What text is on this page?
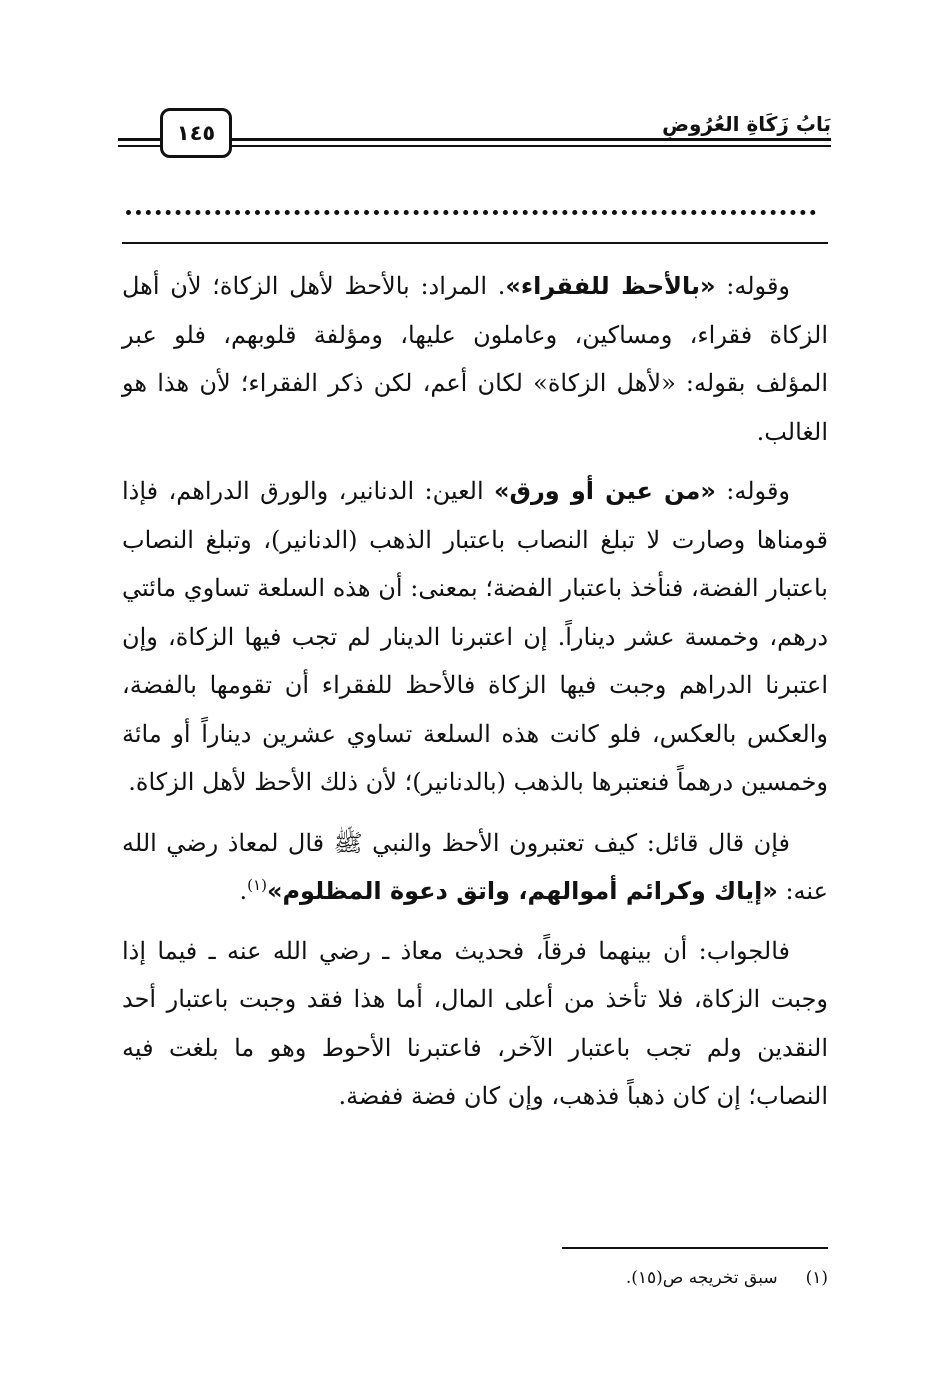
١٤٥	بَابُ زَكَاةِ العُرُوضِ

وقوله: «بالأحظ للفقراء». المراد: بالأحظ لأهل الزكاة؛ لأن أهل الزكاة فقراء، ومساكين، وعاملون عليها، ومؤلفة قلوبهم، فلو عبر المؤلف بقوله: «لأهل الزكاة» لكان أعم، لكن ذكر الفقراء؛ لأن هذا هو الغالب.

وقوله: «من عين أو ورق» العين: الدنانير، والورق الدراهم، فإذا قومناها وصارت لا تبلغ النصاب باعتبار الذهب (الدنانير)، وتبلغ النصاب باعتبار الفضة، فنأخذ باعتبار الفضة؛ بمعنى: أن هذه السلعة تساوي مائتي درهم، وخمسة عشر ديناراً. إن اعتبرنا الدينار لم تجب فيها الزكاة، وإن اعتبرنا الدراهم وجبت فيها الزكاة فالأحظ للفقراء أن تقومها بالفضة، والعكس بالعكس، فلو كانت هذه السلعة تساوي عشرين ديناراً أو مائة وخمسين درهماً فنعتبرها بالذهب (بالدنانير)؛ لأن ذلك الأحظ لأهل الزكاة.

فإن قال قائل: كيف تعتبرون الأحظ والنبي ﷺ قال لمعاذ رضي الله عنه: «إياك وكرائم أموالهم، واتق دعوة المظلوم»$^{(١)}$.

فالجواب: أن بينهما فرقاً، فحديث معاذ ـ رضي الله عنه ـ فيما إذا وجبت الزكاة، فلا تأخذ من أعلى المال، أما هذا فقد وجبت باعتبار أحد النقدين ولم تجب باعتبار الآخر، فاعتبرنا الأحوط وهو ما بلغت فيه النصاب؛ إن كان ذهباً فذهب، وإن كان فضة ففضة.

(١)سبق تخريجه ص(١٥).
